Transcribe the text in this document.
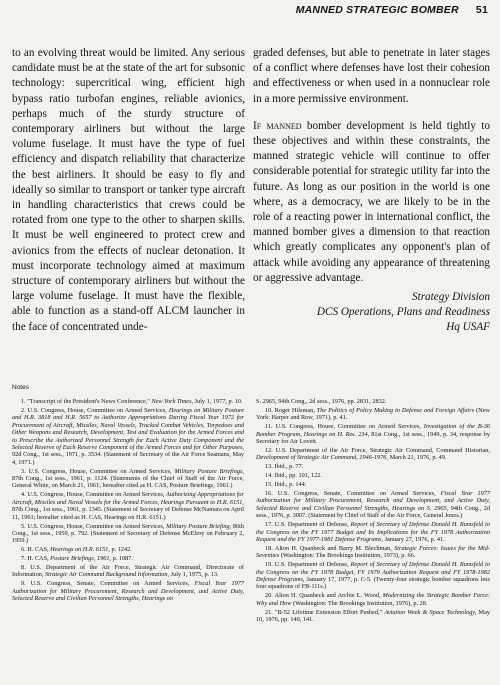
MANNED STRATEGIC BOMBER 51

to an evolving threat would be limited. Any serious candidate must be at the state of the art for subsonic technology: supercritical wing, efficient high bypass ratio turbofan engines, reliable avionics, perhaps much of the sturdy structure of contemporary airliners but without the large volume fuselage. It must have the type of fuel efficiency and dispatch reliability that characterize the best airliners. It should be easy to fly and ideally so similar to transport or tanker type aircraft in handling characteristics that crews could be rotated from one type to the other to sharpen skills. It must be well engineered to protect crew and avionics from the effects of nuclear detonation. It must incorporate technology aimed at maximum structure of contemporary airliners but without the large volume fuselage. It must have the flexible, able to function as a stand-off ALCM launcher in the face of concentrated unde-

graded defenses, but able to penetrate in later stages of a conflict where defenses have lost their cohesion and effectiveness or when used in a nonnuclear role in a more permissive environment.

If manned bomber development is held tightly to these objectives and within these constraints, the manned strategic vehicle will continue to offer considerable potential for strategic utility far into the future. As long as our position in the world is one where, as a democracy, we are likely to be in the role of a reacting power in international conflict, the manned bomber gives a dimension to that reaction which greatly complicates any opponent's plan of attack while avoiding any appearance of threatening or aggressive advantage.

Strategy Division
DCS Operations, Plans and Readiness
Hq USAF
Notes

1. "Transcript of the President's News Conference," New York Times, July 1, 1977, p. 10.

2. U.S. Congress, House, Committee on Armed Services, Hearings on Military Posture and H.R. 3818 and H.R. 5657 to Authorize Appropriations During Fiscal Year 1972 for Procurement of Aircraft, Missiles, Naval Vessels, Tracked Combat Vehicles, Torpedoes and Other Weapons and Research, Development, Test and Evaluation for the Armed Forces and to Prescribe the Authorized Personnel Strength for Each Active Duty Component and the Selected Reserve of Each Reserve Component of the Armed Forces and for Other Purposes, 92d Cong., 1st sess., 1971, p. 3534. (Statement of Secretary of the Air Force Seamans, May 4, 1971.)

3. U.S. Congress, House, Committee on Armed Services, Military Posture Briefings, 87th Cong., 1st sess., 1961, p. 1124. (Statements of the Chief of Staff of the Air Force, General White, on March 21, 1961; hereafter cited as H. CAS, Posture Briefings, 1961.)

4. U.S. Congress, House, Committee on Armed Services, Authorizing Appropriations for Aircraft, Missiles and Naval Vessels for the Armed Forces, Hearings Pursuant to H.R. 6151, 87th Cong., 1st sess., 1961, p. 1345. (Statement of Secretary of Defense McNamara on April 11, 1961; hereafter cited as H. CAS, Hearings on H.R. 6151.)

5. U.S. Congress, House, Committee on Armed Services, Military Posture Briefing, 86th Cong., 1st sess., 1959, p. 792. (Statement of Secretary of Defense McElroy on February 2, 1959.)

6. H. CAS, Hearings on H.R. 6151, p. 1242.

7. H. CAS, Posture Briefings, 1961, p. 1087.

8. U.S. Department of the Air Force, Strategic Air Command, Directorate of Information, Strategic Air Command Background Information, July 1, 1975, p. 13.

9. U.S. Congress, Senate, Committee on Armed Services, Fiscal Year 1977 Authorization for Military Procurement, Research and Development, and Active Duty, Selected Reserve and Civilian Personnel Strengths, Hearings on

S. 2965, 94th Cong., 2d sess., 1976, pp. 2831, 2832.

10. Roger Hilsman, The Politics of Policy Making in Defense and Foreign Affairs (New York: Harper and Row, 1971), p. 41.

11. U.S. Congress, House, Committee on Armed Services, Investigation of the B-36 Bomber Program, Hearings on H. Res. 234, 81st Cong., 1st sess., 1949, p. 34, response by Secretary for Air Lovett.

12. U.S. Department of the Air Force, Strategic Air Command, Command Historian, Development of Strategic Air Command, 1946-1976, March 21, 1976, p. 49.

13. Ibid., p. 77.

14. Ibid., pp. 101, 122.

15. Ibid., p. 144.

16. U.S. Congress, Senate, Committee on Armed Services, Fiscal Year 1977 Authorization for Military Procurement, Research and Development, and Active Duty, Selected Reserve and Civilian Personnel Strengths, Hearings on S. 2965, 94th Cong., 2d sess., 1976, p. 3007. (Statement by Chief of Staff of the Air Force, General Jones.)

17. U.S. Department of Defense, Report of Secretary of Defense Donald H. Rumsfeld to the Congress on the FY 1977 Budget and Its Implications for the FY 1978 Authorization Request and the FY 1977-1981 Defense Programs, January 27, 1976, p. 41.

18. Alton H. Quanbeck and Barry M. Blechman, Strategic Forces: Issues for the Mid-Seventies (Washington: The Brookings Institution, 1973), p. 66.

19. U.S. Department of Defense, Report of Secretary of Defense Donald H. Rumsfeld to the Congress on the FY 1978 Budget, FY 1979 Authorization Request and FY 1978-1982 Defense Programs, January 17, 1977, p. C-5. (Twenty-four strategic bomber squadrons less four squadrons of FB-111s.)

20. Alton H. Quanbeck and Archie L. Wood, Modernizing the Strategic Bomber Force: Why and How (Washington: The Brookings Institution, 1976), p. 28.

21. "B-52 Lifetime Extension Effort Pushed," Aviation Week & Space Technology, May 10, 1976, pp. 140, 141.
